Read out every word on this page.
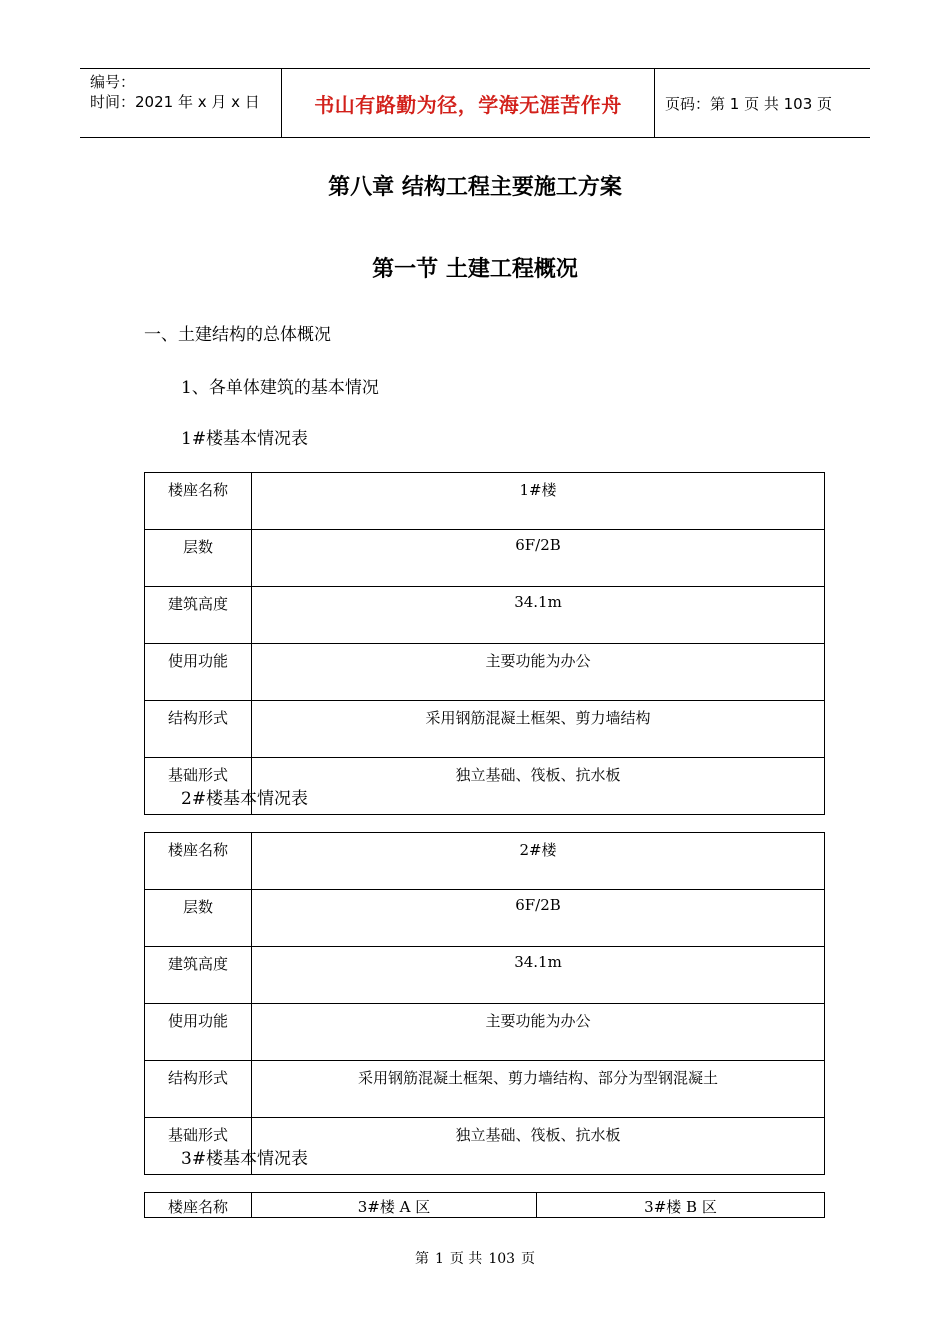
编号：
时间：2021 年 x 月 x 日	书山有路勤为径，学海无涯苦作舟	页码：第 1 页 共 103 页
第八章 结构工程主要施工方案
第一节 土建工程概况
一、土建结构的总体概况
1、各单体建筑的基本情况
1#楼基本情况表
楼座名称	1#楼
层数	6F/2B
建筑高度	34.1m
使用功能	主要功能为办公
结构形式	采用钢筋混凝土框架、剪力墙结构
基础形式	独立基础、筏板、抗水板
2#楼基本情况表
楼座名称	2#楼
层数	6F/2B
建筑高度	34.1m
使用功能	主要功能为办公
结构形式	采用钢筋混凝土框架、剪力墙结构、部分为型钢混凝土
基础形式	独立基础、筏板、抗水板
3#楼基本情况表
楼座名称	3#楼 A 区	3#楼 B 区
第 1 页 共 103 页
